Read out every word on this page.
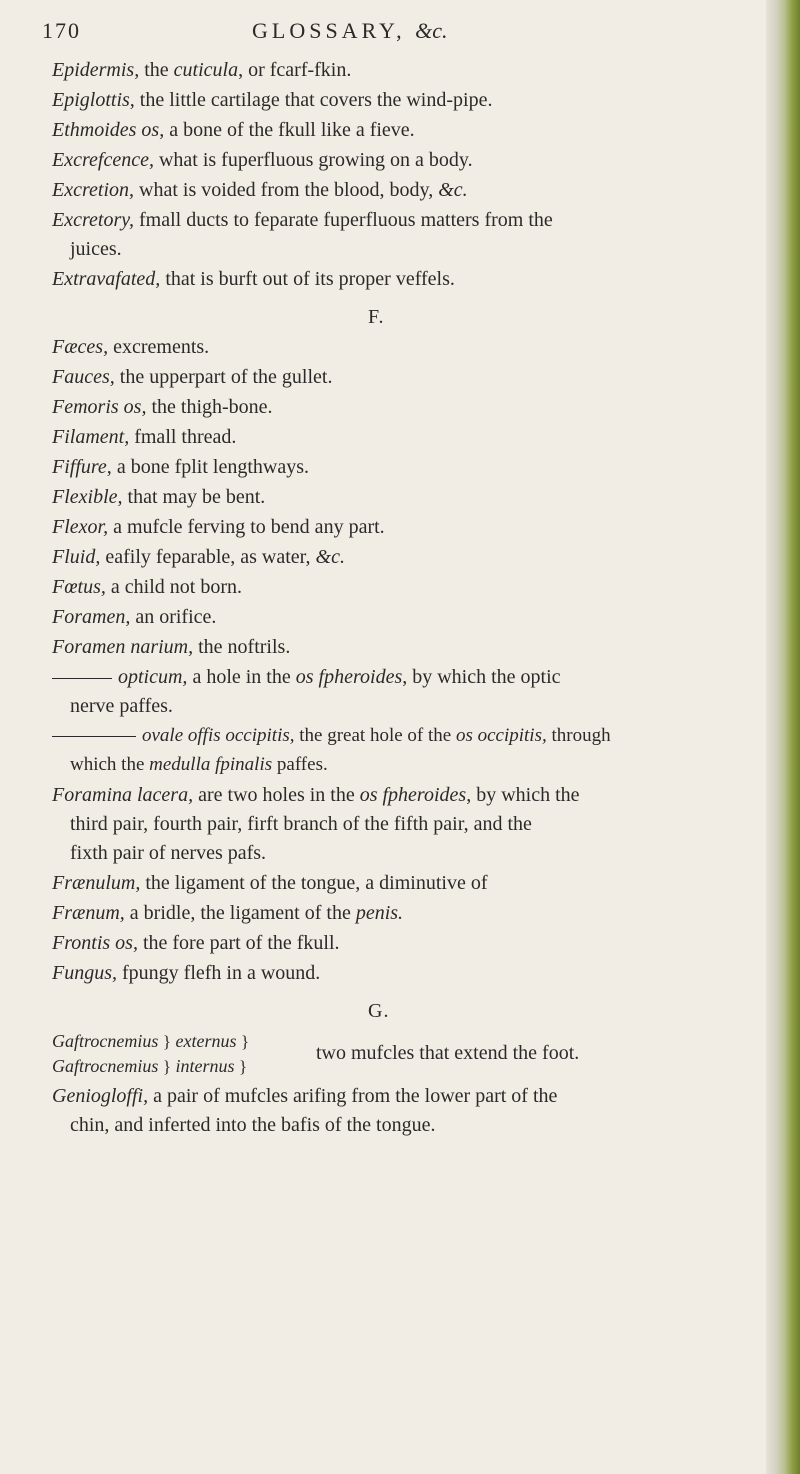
170	GLOSSARY, &c.
Epidermis, the cuticula, or fcarf-fkin.
Epiglottis, the little cartilage that covers the wind-pipe.
Ethmoides os, a bone of the fkull like a fieve.
Excrefcence, what is fuperfluous growing on a body.
Excretion, what is voided from the blood, body, &c.
Excretory, fmall ducts to feparate fuperfluous matters from the
juices.
Extravafated, that is burft out of its proper veffels.
F.
Fæces, excrements.
Fauces, the upperpart of the gullet.
Femoris os, the thigh-bone.
Filament, fmall thread.
Fiffure, a bone fplit lengthways.
Flexible, that may be bent.
Flexor, a mufcle ferving to bend any part.
Fluid, eafily feparable, as water, &c.
Fœtus, a child not born.
Foramen, an orifice.
Foramen narium, the noftrils.
opticum, a hole in the os fpheroides, by which the optic
nerve paffes.
ovale offis occipitis, the great hole of the os occipitis, through
which the medulla fpinalis paffes.
Foramina lacera, are two holes in the os fpheroides, by which the
third pair, fourth pair, firft branch of the fifth pair, and the
fixth pair of nerves pafs.
Frænulum, the ligament of the tongue, a diminutive of
Frænum, a bridle, the ligament of the penis.
Frontis os, the fore part of the fkull.
Fungus, fpungy flefh in a wound.
G.
Gaftrocnemius } externus }
Gaftrocnemius } internus }
two mufcles that extend the foot.
Geniogloffi, a pair of mufcles arifing from the lower part of the
chin, and inferted into the bafis of the tongue.
